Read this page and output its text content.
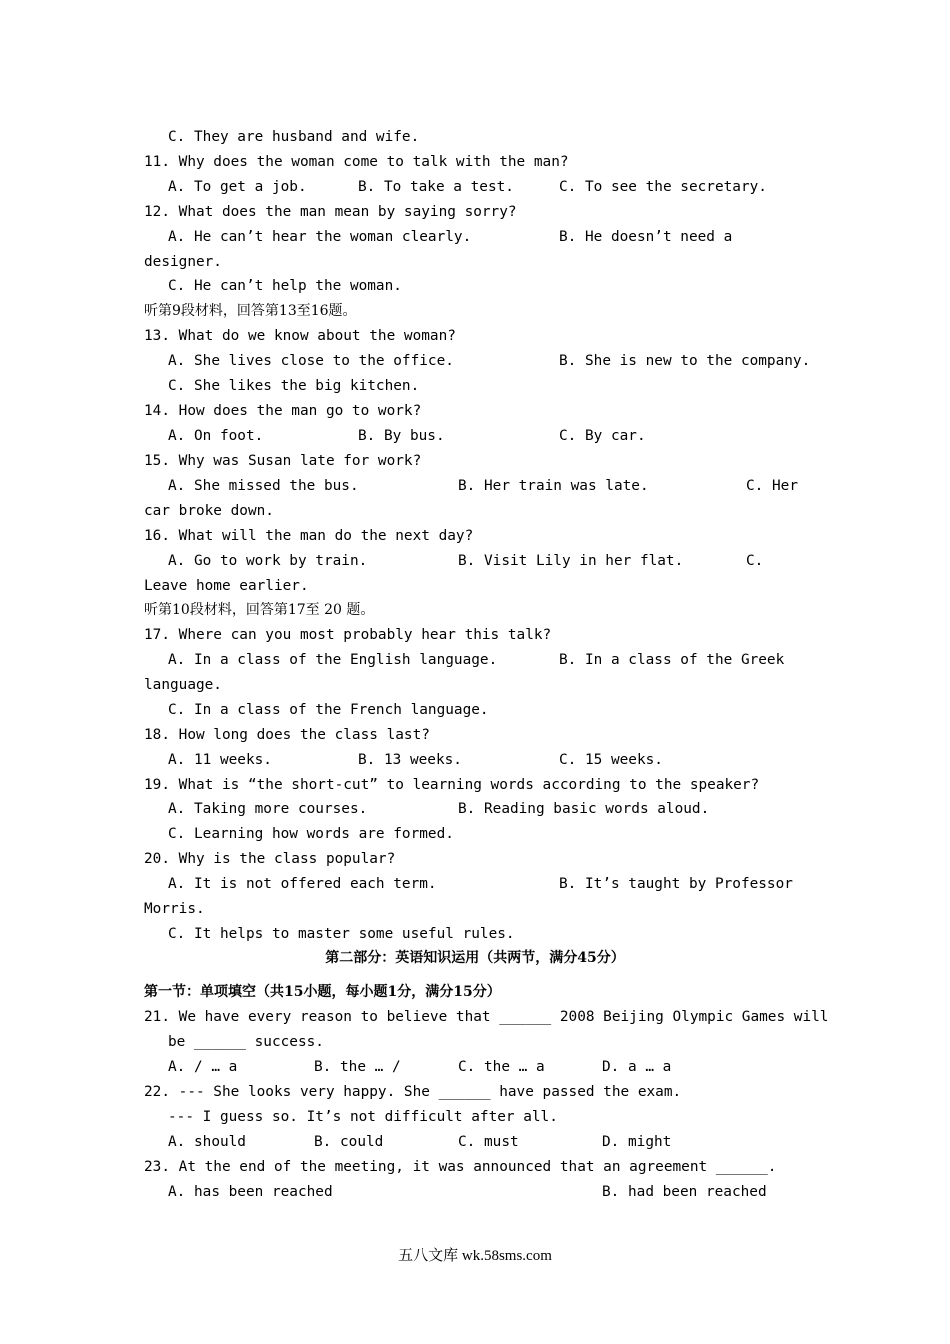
C. They are husband and wife.
11. Why does the woman come to talk with the man?
A. To get a job.	B. To take a test.	C. To see the secretary.
12. What does the man mean by saying sorry?
A. He can’t hear the woman clearly.	B. He doesn’t need a
designer.
C. He can’t help the woman.
听第9段材料，回答第13至16题。
13. What do we know about the woman?
A. She lives close to the office.	B. She is new to the company.
C. She likes the big kitchen.
14. How does the man go to work?
A. On foot.	B. By bus.	C. By car.
15. Why was Susan late for work?
A. She missed the bus.	B. Her train was late.	C. Her
car broke down.
16. What will the man do the next day?
A. Go to work by train.	B. Visit Lily in her flat.	C.
Leave home earlier.
听第10段材料，回答第17至 20 题。
17. Where can you most probably hear this talk?
A. In a class of the English language.	B. In a class of the Greek
language.
C. In a class of the French language.
18. How long does the class last?
A. 11 weeks.	B. 13 weeks.	C. 15 weeks.
19. What is “the short-cut” to learning words according to the speaker?
A. Taking more courses.	B. Reading basic words aloud.
C. Learning how words are formed.
20. Why is the class popular?
A. It is not offered each term.	B. It’s taught by Professor
Morris.
C. It helps to master some useful rules.
第二部分：英语知识运用（共两节，满分45分）
第一节：单项填空（共15小题，每小题1分，满分15分）
21. We have every reason to believe that ______ 2008 Beijing Olympic Games will
be ______ success.
A. / … a	B. the … /	C. the … a	D. a … a
22. --- She looks very happy. She ______ have passed the exam.
--- I guess so. It’s not difficult after all.
A. should	B. could	C. must	D. might
23. At the end of the meeting, it was announced that an agreement ______.
A. has been reached	B. had been reached
五八文库 wk.58sms.com
